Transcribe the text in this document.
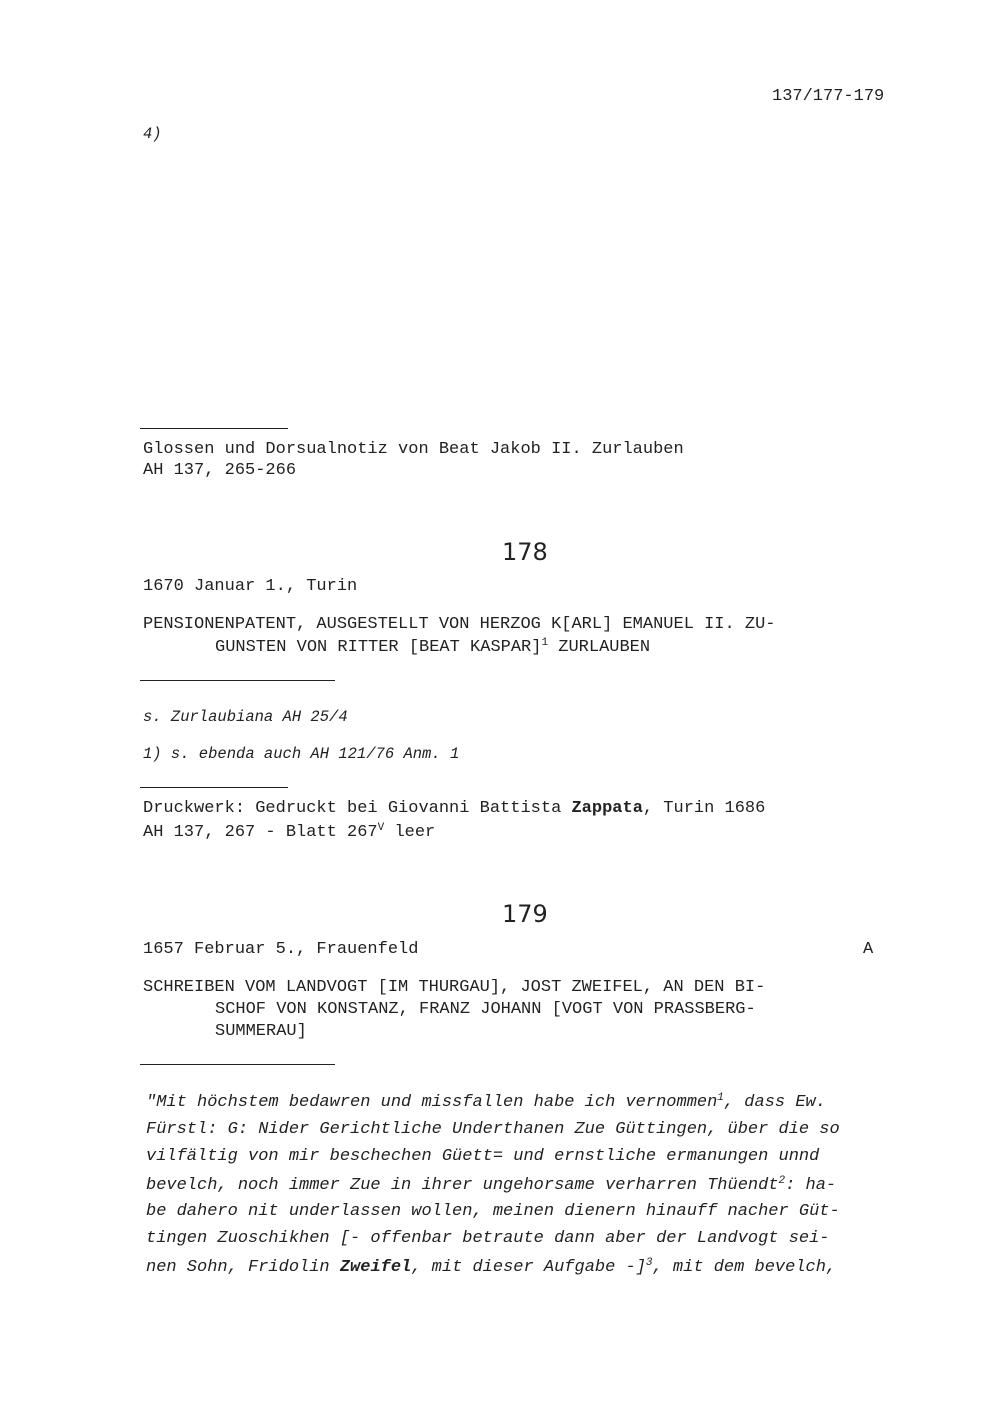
137/177-179
4)
Glossen und Dorsualnotiz von Beat Jakob II. Zurlauben
AH 137, 265-266
178
1670 Januar 1., Turin
PENSIONENPATENT, AUSGESTELLT VON HERZOG K[ARL] EMANUEL II. ZU-
GUNSTEN VON RITTER [BEAT KASPAR]$^1$ ZURLAUBEN
s. Zurlaubiana AH 25/4
1) s. ebenda auch AH 121/76 Anm. 1
Druckwerk: Gedruckt bei Giovanni Battista Zappata, Turin 1686
AH 137, 267 - Blatt $267^V$ leer
179
1657 Februar 5., Frauenfeld	A
SCHREIBEN VOM LANDVOGT [IM THURGAU], JOST ZWEIFEL, AN DEN BI-
SCHOF VON KONSTANZ, FRANZ JOHANN [VOGT VON PRASSBERG-
SUMMERAU]
"Mit höchstem bedawren und missfallen habe ich vernommen$^1$, dass Ew.
Fürstl: G: Nider Gerichtliche Underthanen Zue Güttingen, über die so
vilfältig von mir beschechen Güett= und ernstliche ermanungen unnd
bevelch, noch immer Zue in ihrer ungehorsame verharren Thüendt$^2$: ha-
be dahero nit underlassen wollen, meinen dienern hinauff nacher Güt-
tingen Zuoschikhen [- offenbar betraute dann aber der Landvogt sei-
nen Sohn, Fridolin Zweifel, mit dieser Aufgabe -]$^3$, mit dem bevelch,
